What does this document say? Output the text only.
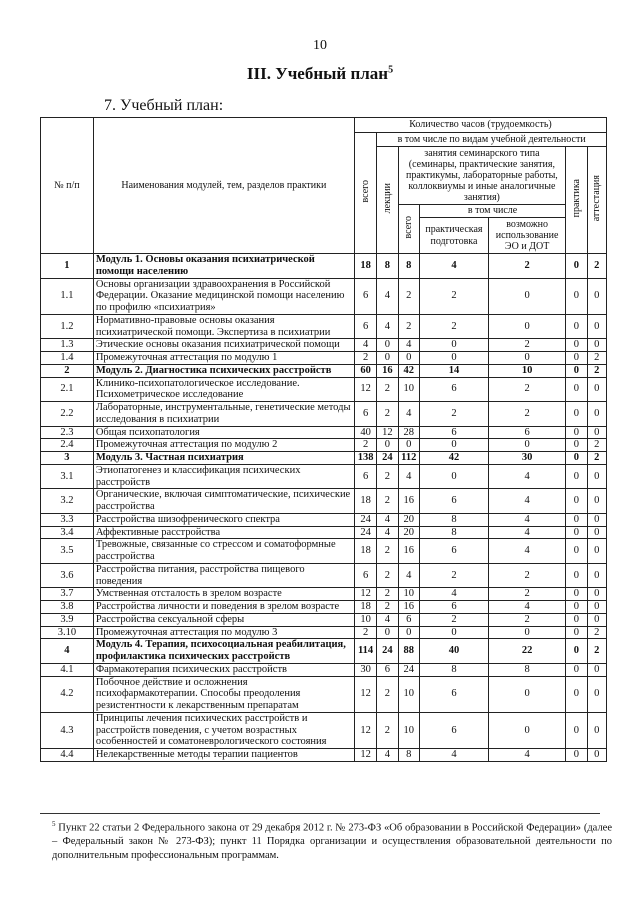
10
III. Учебный план$^5$
7. Учебный план:
№ п/п	Наименования модулей, тем, разделов практики	Количество часов (трудоемкость)						
		всего	в том числе по видам учебной деятельности					
			лекции	занятия семинарского типа (семинары, практические занятия, практикумы, лабораторные работы, коллоквиумы и иные аналогичные занятия)			практика	аттестация
				всего	в том числе			
					практическая подготовка	возможно использование ЭО и ДОТ		
1	Модуль 1. Основы оказания психиатрической помощи населению	18	8	8	4	2	0	2
1.1	Основы организации здравоохранения в Российской Федерации. Оказание медицинской помощи населению по профилю «психиатрия»	6	4	2	2	0	0	0
1.2	Нормативно-правовые основы оказания психиатрической помощи. Экспертиза в психиатрии	6	4	2	2	0	0	0
1.3	Этические основы оказания психиатрической помощи	4	0	4	0	2	0	0
1.4	Промежуточная аттестация по модулю 1	2	0	0	0	0	0	2
2	Модуль 2. Диагностика психических расстройств	60	16	42	14	10	0	2
2.1	Клинико-психопатологическое исследование. Психометрическое исследование	12	2	10	6	2	0	0
2.2	Лабораторные, инструментальные, генетические методы исследования в психиатрии	6	2	4	2	2	0	0
2.3	Общая психопатология	40	12	28	6	6	0	0
2.4	Промежуточная аттестация по модулю 2	2	0	0	0	0	0	2
3	Модуль 3. Частная психиатрия	138	24	112	42	30	0	2
3.1	Этиопатогенез и классификация психических расстройств	6	2	4	0	4	0	0
3.2	Органические, включая симптоматические, психические расстройства	18	2	16	6	4	0	0
3.3	Расстройства шизофренического спектра	24	4	20	8	4	0	0
3.4	Аффективные расстройства	24	4	20	8	4	0	0
3.5	Тревожные, связанные со стрессом и соматоформные расстройства	18	2	16	6	4	0	0
3.6	Расстройства питания, расстройства пищевого поведения	6	2	4	2	2	0	0
3.7	Умственная отсталость в зрелом возрасте	12	2	10	4	2	0	0
3.8	Расстройства личности и поведения в зрелом возрасте	18	2	16	6	4	0	0
3.9	Расстройства сексуальной сферы	10	4	6	2	2	0	0
3.10	Промежуточная аттестация по модулю 3	2	0	0	0	0	0	2
4	Модуль 4. Терапия, психосоциальная реабилитация, профилактика психических расстройств	114	24	88	40	22	0	2
4.1	Фармакотерапия психических расстройств	30	6	24	8	8	0	0
4.2	Побочное действие и осложнения психофармакотерапии. Способы преодоления резистентности к лекарственным препаратам	12	2	10	6	0	0	0
4.3	Принципы лечения психических расстройств и расстройств поведения, с учетом возрастных особенностей и соматоневрологического состояния	12	2	10	6	0	0	0
4.4	Нелекарственные методы терапии пациентов	12	4	8	4	4	0	0
$^5$ Пункт 22 статьи 2 Федерального закона от 29 декабря 2012 г. № 273-ФЗ «Об образовании в Российской Федерации» (далее – Федеральный закон № 273-ФЗ); пункт 11 Порядка организации и осуществления образовательной деятельности по дополнительным профессиональным программам.
